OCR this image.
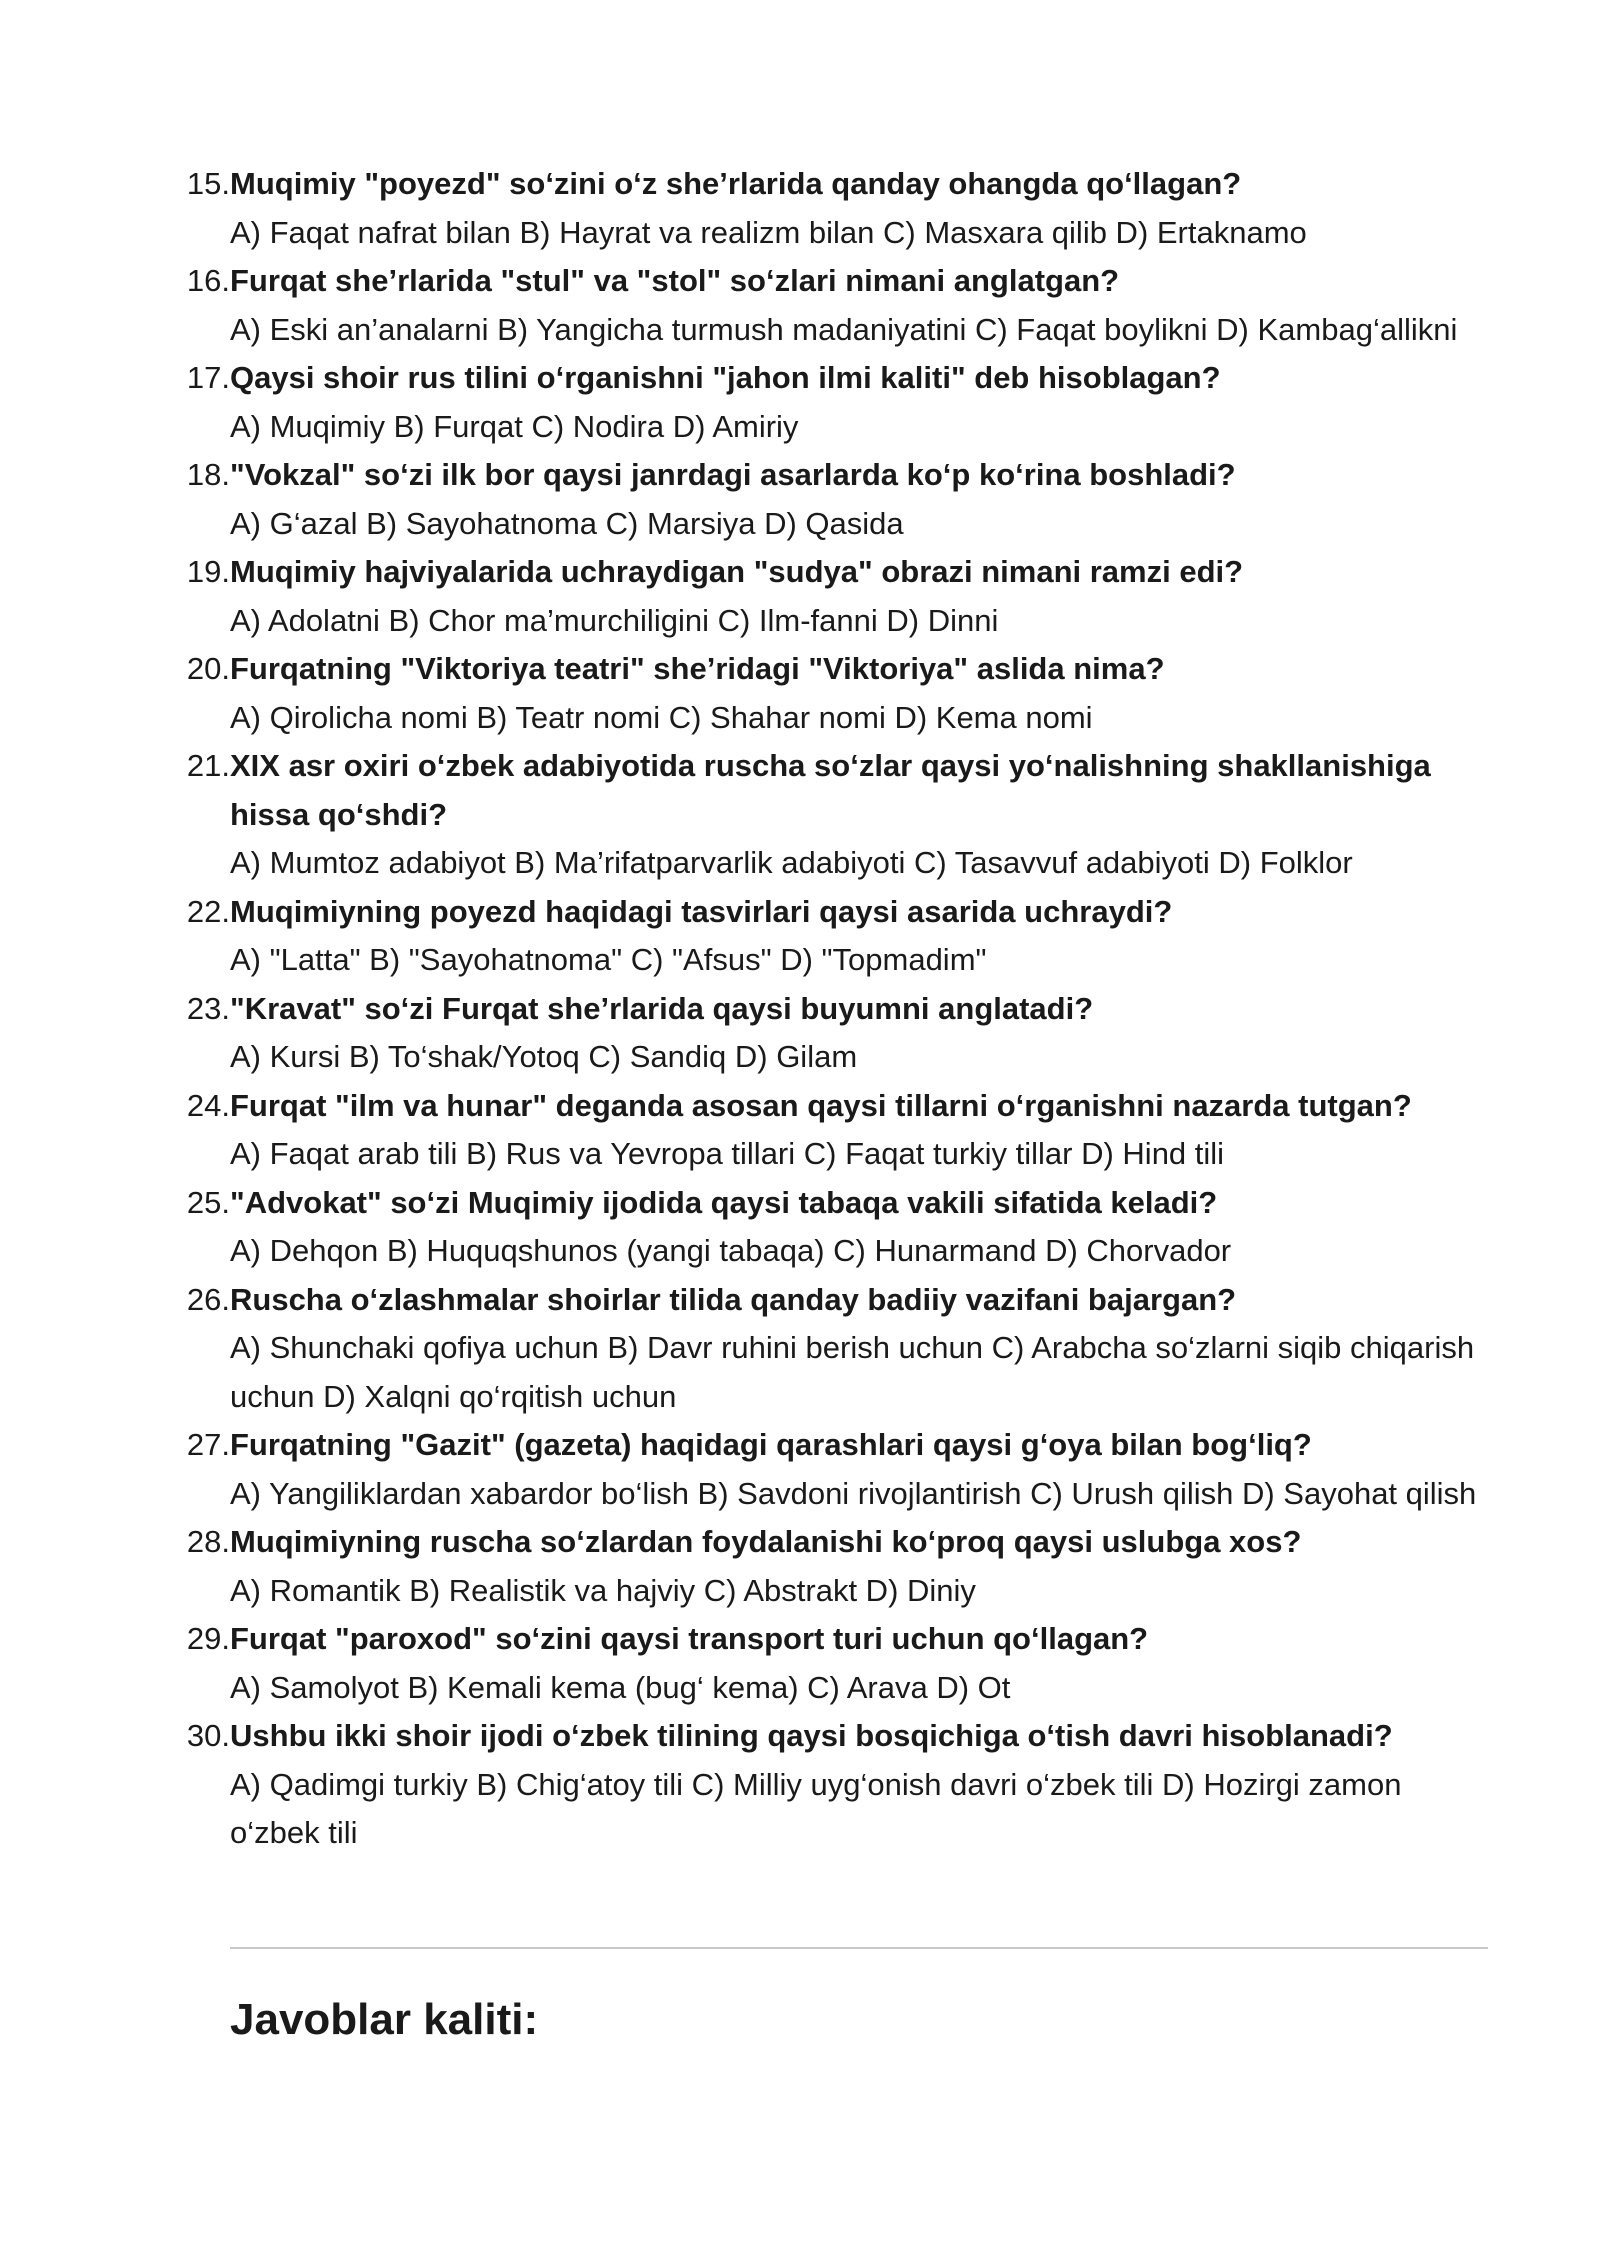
15. Muqimiy "poyezd" so‘zini o‘z she’rlarida qanday ohangda qo‘llagan?
A) Faqat nafrat bilan B) Hayrat va realizm bilan C) Masxara qilib D) Ertaknamo
16. Furqat she’rlarida "stul" va "stol" so‘zlari nimani anglatgan?
A) Eski an’analarni B) Yangicha turmush madaniyatini C) Faqat boylikni D) Kambag‘allikni
17. Qaysi shoir rus tilini o‘rganishni "jahon ilmi kaliti" deb hisoblagan?
A) Muqimiy B) Furqat C) Nodira D) Amiriy
18. "Vokzal" so‘zi ilk bor qaysi janrdagi asarlarda ko‘p ko‘rina boshladi?
A) G‘azal B) Sayohatnoma C) Marsiya D) Qasida
19. Muqimiy hajviyalarida uchraydigan "sudya" obrazi nimani ramzi edi?
A) Adolatni B) Chor ma’murchiligini C) Ilm-fanni D) Dinni
20. Furqatning "Viktoriya teatri" she’ridagi "Viktoriya" aslida nima?
A) Qirolicha nomi B) Teatr nomi C) Shahar nomi D) Kema nomi
21. XIX asr oxiri o‘zbek adabiyotida ruscha so‘zlar qaysi yo‘nalishning shakllanishiga hissa qo‘shdi?
A) Mumtoz adabiyot B) Ma’rifatparvarlik adabiyoti C) Tasavvuf adabiyoti D) Folklor
22. Muqimiyning poyezd haqidagi tasvirlari qaysi asarida uchraydi?
A) "Latta" B) "Sayohatnoma" C) "Afsus" D) "Topmadim"
23. "Kravat" so‘zi Furqat she’rlarida qaysi buyumni anglatadi?
A) Kursi B) To‘shak/Yotoq C) Sandiq D) Gilam
24. Furqat "ilm va hunar" deganda asosan qaysi tillarni o‘rganishni nazarda tutgan?
A) Faqat arab tili B) Rus va Yevropa tillari C) Faqat turkiy tillar D) Hind tili
25. "Advokat" so‘zi Muqimiy ijodida qaysi tabaqa vakili sifatida keladi?
A) Dehqon B) Huquqshunos (yangi tabaqa) C) Hunarmand D) Chorvador
26. Ruscha o‘zlashmalar shoirlar tilida qanday badiiy vazifani bajargan?
A) Shunchaki qofiya uchun B) Davr ruhini berish uchun C) Arabcha so‘zlarni siqib chiqarish uchun D) Xalqni qo‘rqitish uchun
27. Furqatning "Gazit" (gazeta) haqidagi qarashlari qaysi g‘oya bilan bog‘liq?
A) Yangiliklardan xabardor bo‘lish B) Savdoni rivojlantirish C) Urush qilish D) Sayohat qilish
28. Muqimiyning ruscha so‘zlardan foydalanishi ko‘proq qaysi uslubga xos?
A) Romantik B) Realistik va hajviy C) Abstrakt D) Diniy
29. Furqat "paroxod" so‘zini qaysi transport turi uchun qo‘llagan?
A) Samolyot B) Kemali kema (bug‘ kema) C) Arava D) Ot
30. Ushbu ikki shoir ijodi o‘zbek tilining qaysi bosqichiga o‘tish davri hisoblanadi?
A) Qadimgi turkiy B) Chig‘atoy tili C) Milliy uyg‘onish davri o‘zbek tili D) Hozirgi zamon o‘zbek tili
Javoblar kaliti:
